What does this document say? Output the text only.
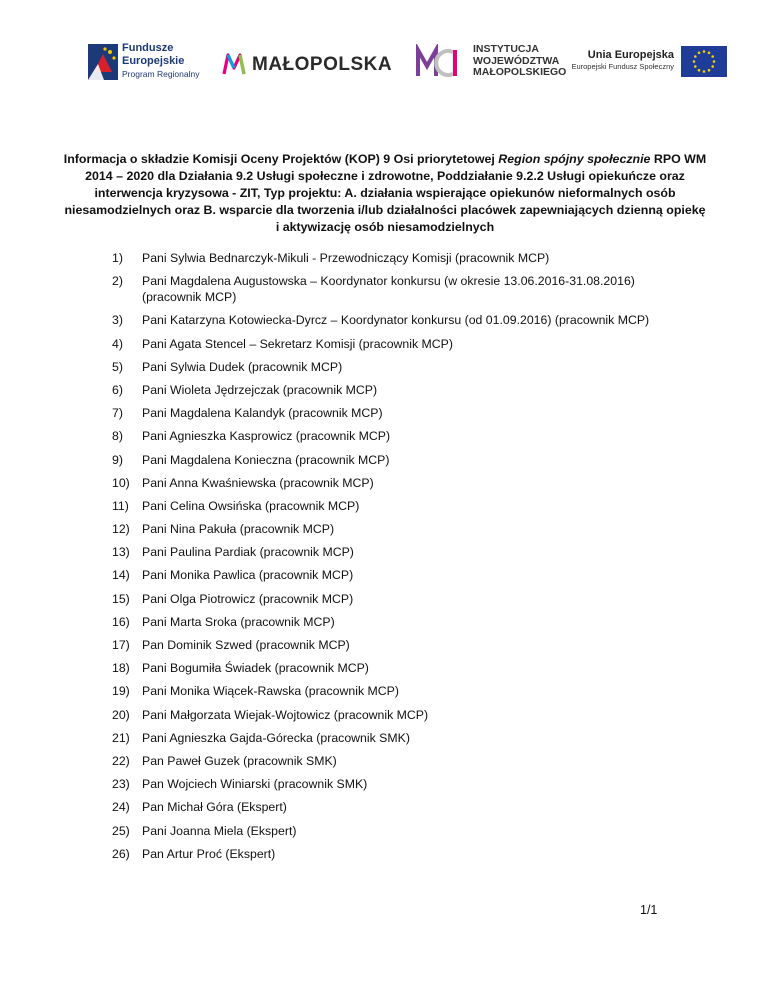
Fundusze
Europejskie
Program Regionalny	MAŁOPOLSKA
INSTYTUCJA
WOJEWÓDZTWA
MAŁOPOLSKIEGO
Unia Europejska
Europejski Fundusz Społeczny
Informacja o składzie Komisji Oceny Projektów (KOP) 9 Osi priorytetowej Region spójny społecznie RPO WM 2014 – 2020 dla Działania 9.2 Usługi społeczne i zdrowotne, Poddziałanie 9.2.2 Usługi opiekuńcze oraz interwencja kryzysowa - ZIT, Typ projektu: A. działania wspierające opiekunów nieformalnych osób niesamodzielnych oraz B. wsparcie dla tworzenia i/lub działalności placówek zapewniających dzienną opiekę i aktywizację osób niesamodzielnych
1)	Pani Sylwia Bednarczyk-Mikuli - Przewodniczący Komisji (pracownik MCP)
2)	Pani Magdalena Augustowska – Koordynator konkursu (w okresie 13.06.2016-31.08.2016) (pracownik MCP)
3)	Pani Katarzyna Kotowiecka-Dyrcz – Koordynator konkursu (od 01.09.2016) (pracownik MCP)
4)	Pani Agata Stencel – Sekretarz Komisji (pracownik MCP)
5)	Pani Sylwia Dudek (pracownik MCP)
6)	Pani Wioleta Jędrzejczak (pracownik MCP)
7)	Pani Magdalena Kalandyk (pracownik MCP)
8)	Pani Agnieszka Kasprowicz (pracownik MCP)
9)	Pani Magdalena Konieczna (pracownik MCP)
10) Pani Anna Kwaśniewska (pracownik MCP)
11)	Pani Celina Owsińska (pracownik MCP)
12) Pani Nina Pakuła (pracownik MCP)
13) Pani Paulina Pardiak (pracownik MCP)
14) Pani Monika Pawlica (pracownik MCP)
15) Pani Olga Piotrowicz (pracownik MCP)
16) Pani Marta Sroka (pracownik MCP)
17) Pan Dominik Szwed (pracownik MCP)
18) Pani Bogumiła Świadek (pracownik MCP)
19) Pani Monika Wiącek-Rawska (pracownik MCP)
20) Pani Małgorzata Wiejak-Wojtowicz (pracownik MCP)
21) Pani Agnieszka Gajda-Górecka (pracownik SMK)
22) Pan Paweł Guzek (pracownik SMK)
23) Pan Wojciech Winiarski (pracownik SMK)
24) Pan Michał Góra (Ekspert)
25) Pani Joanna Miela (Ekspert)
26) Pan Artur Proć (Ekspert)
1/1
